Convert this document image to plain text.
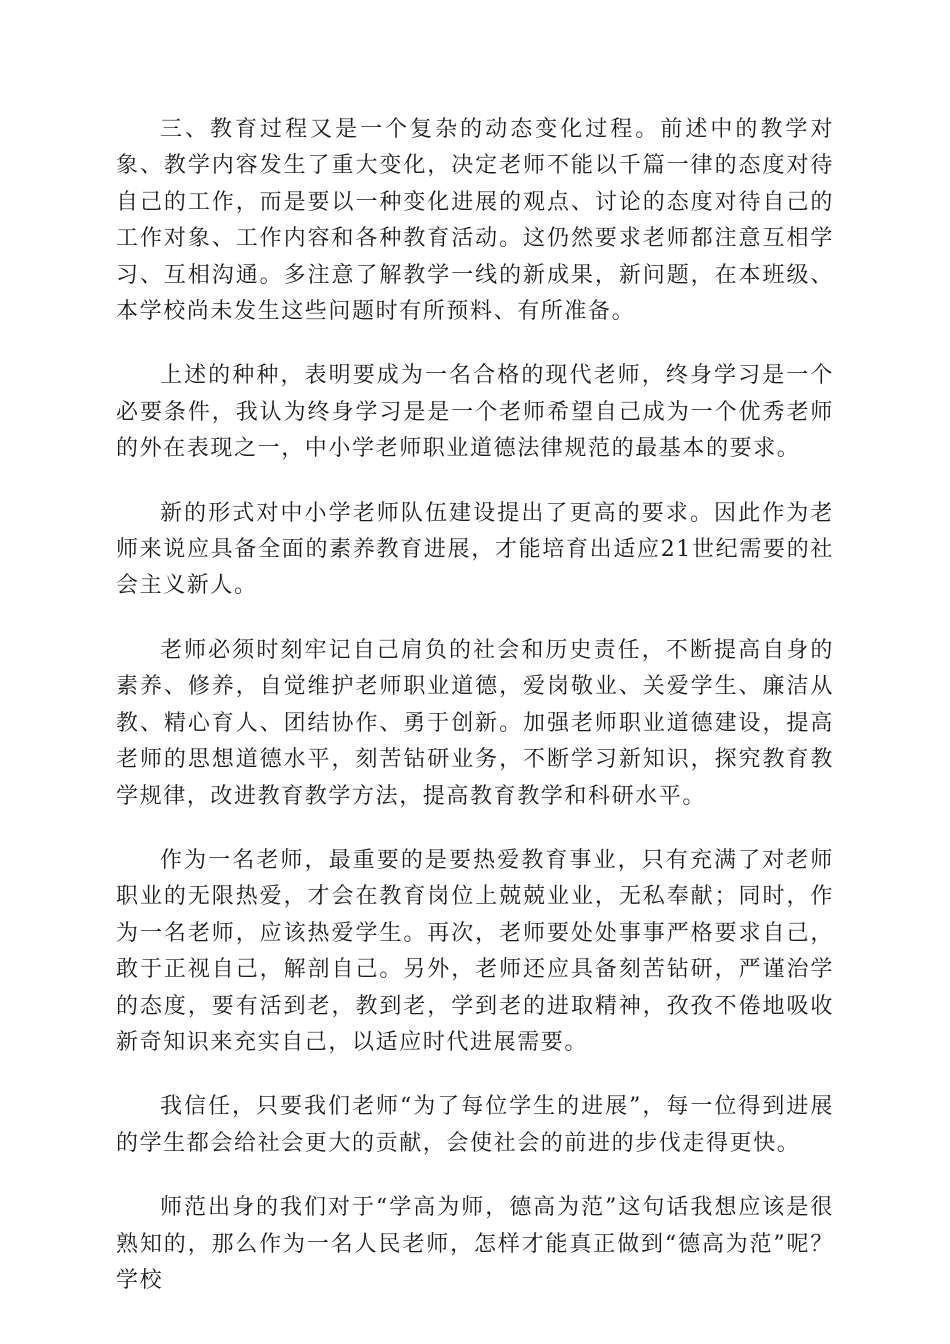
三、教育过程又是一个复杂的动态变化过程。前述中的教学对象、教学内容发生了重大变化，决定老师不能以千篇一律的态度对待自己的工作，而是要以一种变化进展的观点、讨论的态度对待自己的工作对象、工作内容和各种教育活动。这仍然要求老师都注意互相学习、互相沟通。多注意了解教学一线的新成果，新问题，在本班级、本学校尚未发生这些问题时有所预料、有所准备。

上述的种种，表明要成为一名合格的现代老师，终身学习是一个必要条件，我认为终身学习是是一个老师希望自己成为一个优秀老师的外在表现之一，中小学老师职业道德法律规范的最基本的要求。

新的形式对中小学老师队伍建设提出了更高的要求。因此作为老师来说应具备全面的素养教育进展，才能培育出适应21世纪需要的社会主义新人。

老师必须时刻牢记自己肩负的社会和历史责任，不断提高自身的素养、修养，自觉维护老师职业道德，爱岗敬业、关爱学生、廉洁从教、精心育人、团结协作、勇于创新。加强老师职业道德建设，提高老师的思想道德水平，刻苦钻研业务，不断学习新知识，探究教育教学规律，改进教育教学方法，提高教育教学和科研水平。

作为一名老师，最重要的是要热爱教育事业，只有充满了对老师职业的无限热爱，才会在教育岗位上兢兢业业，无私奉献；同时，作为一名老师，应该热爱学生。再次，老师要处处事事严格要求自己，敢于正视自己，解剖自己。另外，老师还应具备刻苦钻研，严谨治学的态度，要有活到老，教到老，学到老的进取精神，孜孜不倦地吸收新奇知识来充实自己，以适应时代进展需要。

我信任，只要我们老师“为了每位学生的进展”，每一位得到进展的学生都会给社会更大的贡献，会使社会的前进的步伐走得更快。

师范出身的我们对于“学高为师，德高为范”这句话我想应该是很熟知的，那么作为一名人民老师，怎样才能真正做到“德高为范”呢？学校
